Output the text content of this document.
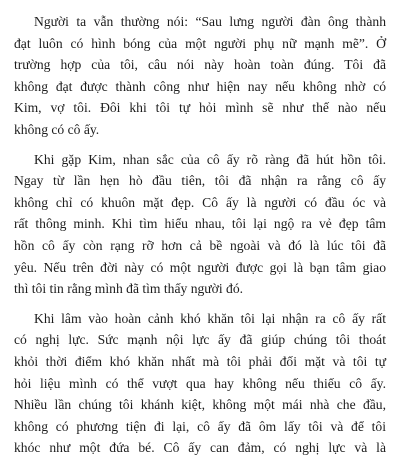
Người ta vẫn thường nói: “Sau lưng người đàn ông thành
đạt luôn có hình bóng của một người phụ nữ mạnh mẽ”. Ở
trường hợp của tôi, câu nói này hoàn toàn đúng. Tôi đã
không đạt được thành công như hiện nay nếu không nhờ có
Kim, vợ tôi. Đôi khi tôi tự hỏi mình sẽ như thế nào nếu
không có cô ấy.
Khi gặp Kim, nhan sắc của cô ấy rõ ràng đã hút hồn tôi.
Ngay từ lần hẹn hò đầu tiên, tôi đã nhận ra rằng cô ấy
không chỉ có khuôn mặt đẹp. Cô ấy là người có đầu óc và
rất thông minh. Khi tìm hiểu nhau, tôi lại ngộ ra vẻ đẹp tâm
hồn cô ấy còn rạng rỡ hơn cả bề ngoài và đó là lúc tôi đã
yêu. Nếu trên đời này có một người được gọi là bạn tâm giao
thì tôi tin rằng mình đã tìm thấy người đó.
Khi lâm vào hoàn cảnh khó khăn tôi lại nhận ra cô ấy rất
có nghị lực. Sức mạnh nội lực ấy đã giúp chúng tôi thoát
khỏi thời điểm khó khăn nhất mà tôi phải đối mặt và tôi tự
hỏi liệu mình có thể vượt qua hay không nếu thiếu cô ấy.
Nhiều lần chúng tôi khánh kiệt, không một mái nhà che đầu,
không có phương tiện đi lại, cô ấy đã ôm lấy tôi và để tôi
khóc như một đứa bé. Cô ấy can đảm, có nghị lực và là
